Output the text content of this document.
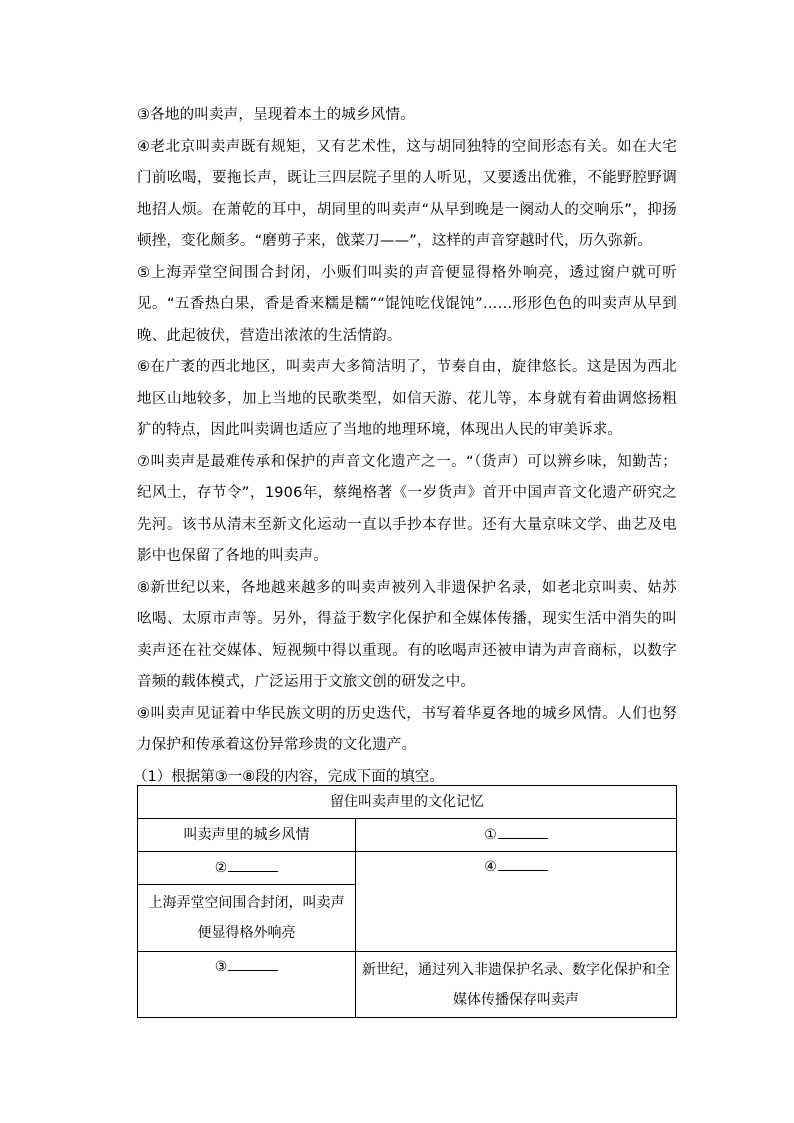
③各地的叫卖声，呈现着本土的城乡风情。

④老北京叫卖声既有规矩，又有艺术性，这与胡同独特的空间形态有关。如在大宅门前吆喝，要拖长声，既让三四层院子里的人听见，又要透出优雅，不能野腔野调地招人烦。在萧乾的耳中，胡同里的叫卖声“从早到晚是一阕动人的交响乐”，抑扬顿挫，变化颇多。“磨剪子来，戗菜刀——”，这样的声音穿越时代，历久弥新。

⑤上海弄堂空间围合封闭，小贩们叫卖的声音便显得格外响亮，透过窗户就可听见。“五香热白果，香是香来糯是糯”“馄饨吃伐馄饨”……形形色色的叫卖声从早到晚、此起彼伏，营造出浓浓的生活情韵。

⑥在广袤的西北地区，叫卖声大多简洁明了，节奏自由，旋律悠长。这是因为西北地区山地较多，加上当地的民歌类型，如信天游、花儿等，本身就有着曲调悠扬粗犷的特点，因此叫卖调也适应了当地的地理环境，体现出人民的审美诉求。

⑦叫卖声是最难传承和保护的声音文化遗产之一。“（货声）可以辨乡味，知勤苦；纪风土，存节令”，1906年，蔡绳格著《一岁货声》首开中国声音文化遗产研究之先河。该书从清末至新文化运动一直以手抄本存世。还有大量京味文学、曲艺及电影中也保留了各地的叫卖声。

⑧新世纪以来，各地越来越多的叫卖声被列入非遗保护名录，如老北京叫卖、姑苏吆喝、太原市声等。另外，得益于数字化保护和全媒体传播，现实生活中消失的叫卖声还在社交媒体、短视频中得以重现。有的吆喝声还被申请为声音商标，以数字音频的载体模式，广泛运用于文旅文创的研发之中。

⑨叫卖声见证着中华民族文明的历史迭代，书写着华夏各地的城乡风情。人们也努力保护和传承着这份异常珍贵的文化遗产。

（1）根据第③一⑧段的内容，完成下面的填空。

留住叫卖声里的文化记忆	
叫卖声里的城乡风情	①
②	④
上海弄堂空间围合封闭，叫卖声便显得格外响亮	
③	新世纪，通过列入非遗保护名录、数字化保护和全媒体传播保存叫卖声
